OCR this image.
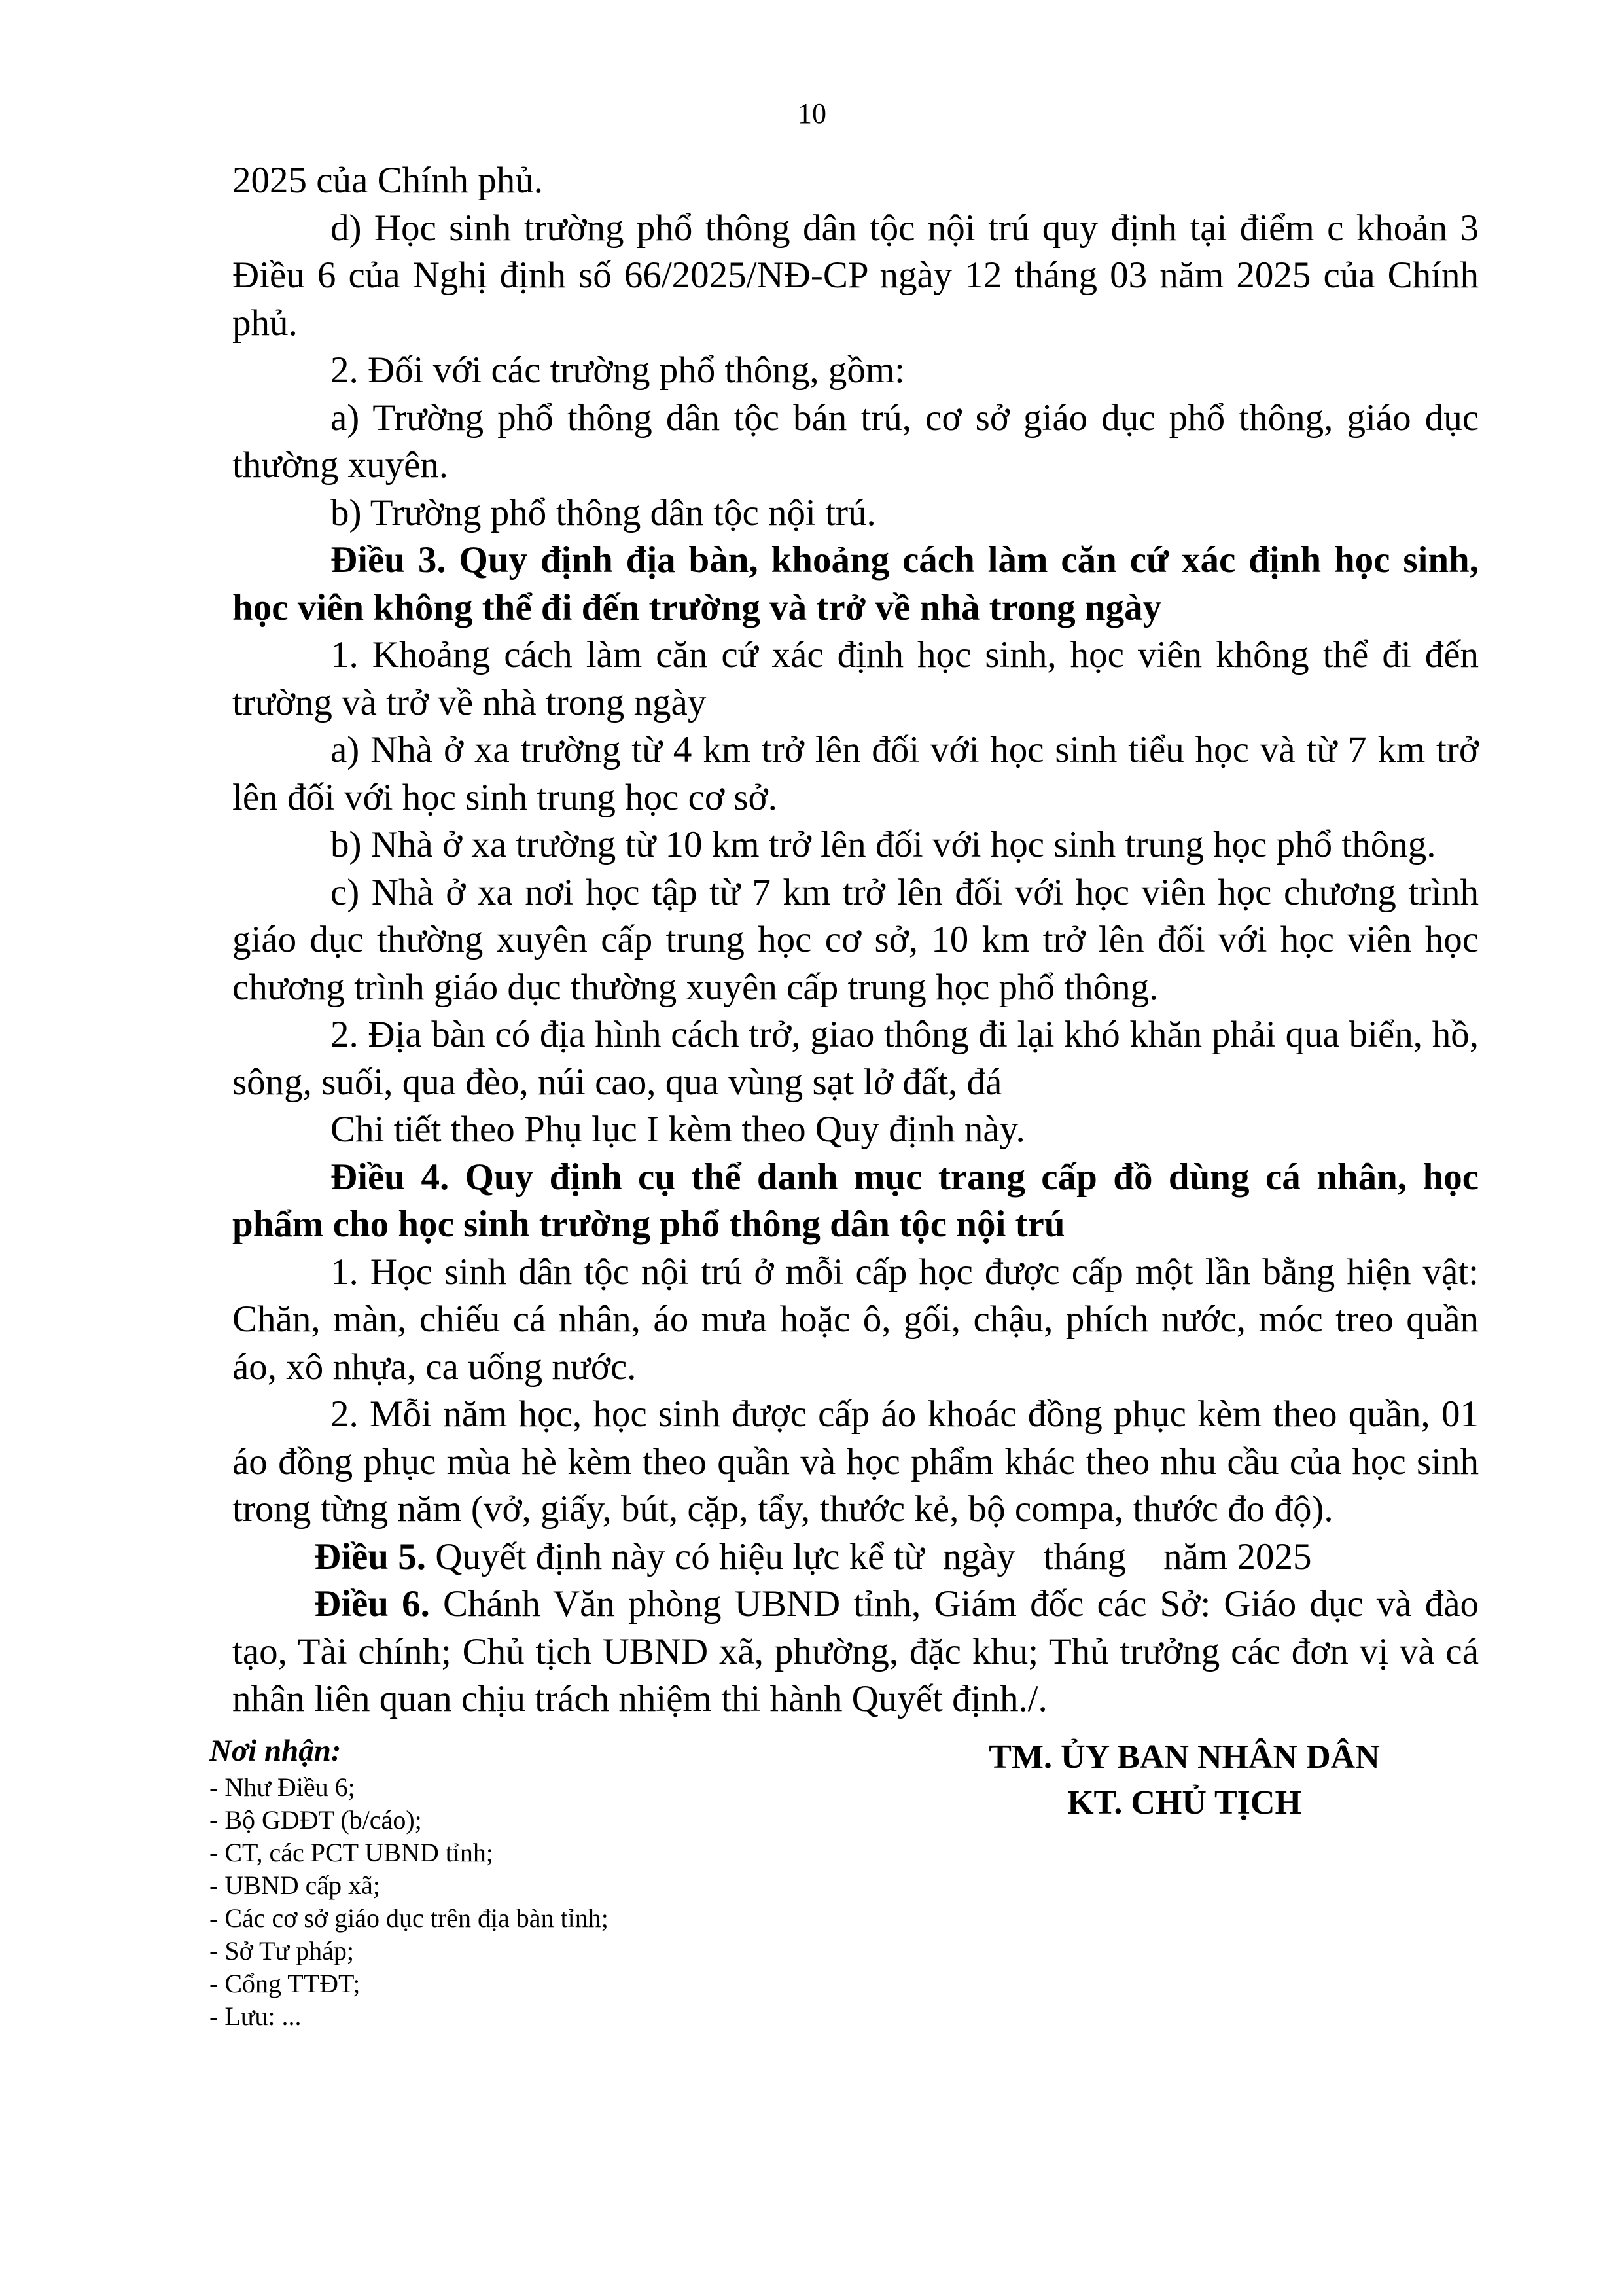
10

2025 của Chính phủ.

d) Học sinh trường phổ thông dân tộc nội trú quy định tại điểm c khoản 3 Điều 6 của Nghị định số 66/2025/NĐ-CP ngày 12 tháng 03 năm 2025 của Chính phủ.

2. Đối với các trường phổ thông, gồm:

a) Trường phổ thông dân tộc bán trú, cơ sở giáo dục phổ thông, giáo dục thường xuyên.

b) Trường phổ thông dân tộc nội trú.

Điều 3. Quy định địa bàn, khoảng cách làm căn cứ xác định học sinh, học viên không thể đi đến trường và trở về nhà trong ngày

1. Khoảng cách làm căn cứ xác định học sinh, học viên không thể đi đến trường và trở về nhà trong ngày

a) Nhà ở xa trường từ 4 km trở lên đối với học sinh tiểu học và từ 7 km trở lên đối với học sinh trung học cơ sở.

b) Nhà ở xa trường từ 10 km trở lên đối với học sinh trung học phổ thông.

c) Nhà ở xa nơi học tập từ 7 km trở lên đối với học viên học chương trình giáo dục thường xuyên cấp trung học cơ sở, 10 km trở lên đối với học viên học chương trình giáo dục thường xuyên cấp trung học phổ thông.

2. Địa bàn có địa hình cách trở, giao thông đi lại khó khăn phải qua biển, hồ, sông, suối, qua đèo, núi cao, qua vùng sạt lở đất, đá

Chi tiết theo Phụ lục I kèm theo Quy định này.

Điều 4. Quy định cụ thể danh mục trang cấp đồ dùng cá nhân, học phẩm cho học sinh trường phổ thông dân tộc nội trú

1. Học sinh dân tộc nội trú ở mỗi cấp học được cấp một lần bằng hiện vật: Chăn, màn, chiếu cá nhân, áo mưa hoặc ô, gối, chậu, phích nước, móc treo quần áo, xô nhựa, ca uống nước.

2. Mỗi năm học, học sinh được cấp áo khoác đồng phục kèm theo quần, 01 áo đồng phục mùa hè kèm theo quần và học phẩm khác theo nhu cầu của học sinh trong từng năm (vở, giấy, bút, cặp, tẩy, thước kẻ, bộ compa, thước đo độ).

Điều 5. Quyết định này có hiệu lực kể từ  ngày   tháng    năm 2025

Điều 6. Chánh Văn phòng UBND tỉnh, Giám đốc các Sở: Giáo dục và đào tạo, Tài chính; Chủ tịch UBND xã, phường, đặc khu; Thủ trưởng các đơn vị và cá nhân liên quan chịu trách nhiệm thi hành Quyết định./.

Nơi nhận:

- Như Điều 6;

- Bộ GDĐT (b/cáo);

- CT, các PCT UBND tỉnh;

- UBND cấp xã;

- Các cơ sở giáo dục trên địa bàn tỉnh;

- Sở Tư pháp;

- Cổng TTĐT;

- Lưu: ...

TM. ỦY BAN NHÂN DÂN
KT. CHỦ TỊCH
